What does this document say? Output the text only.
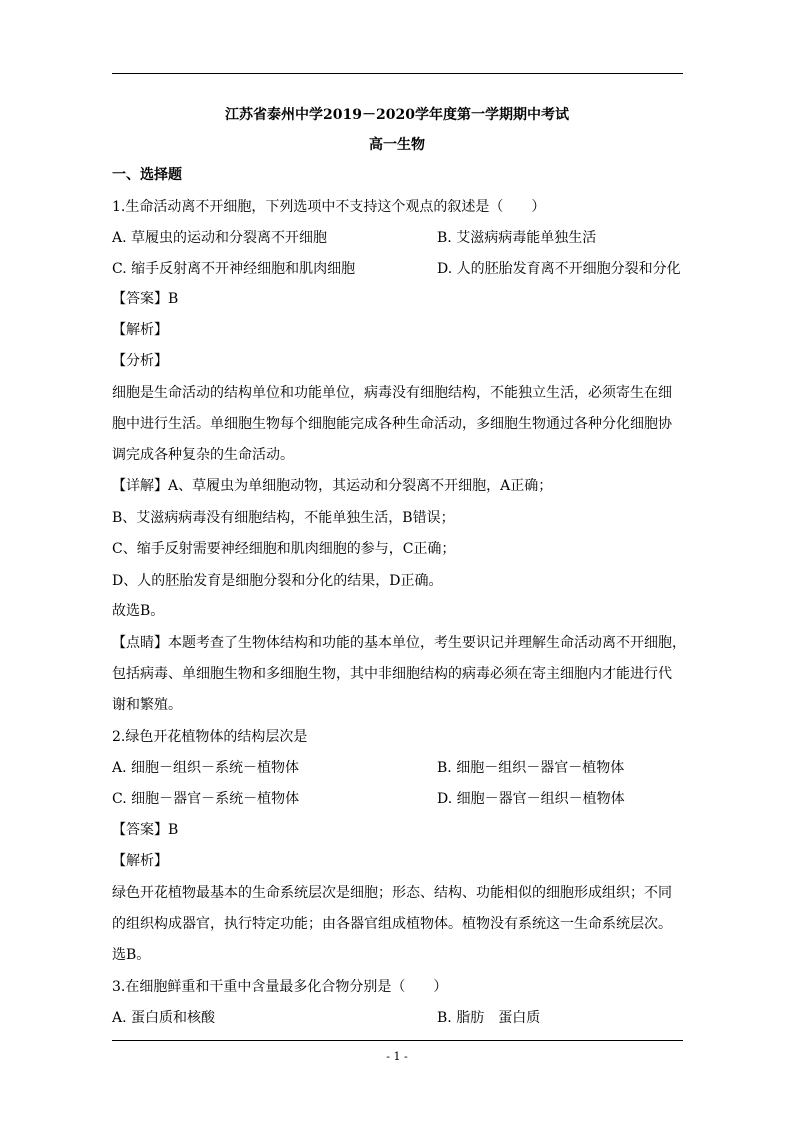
江苏省泰州中学2019－2020学年度第一学期期中考试
高一生物
一、选择题
1.生命活动离不开细胞，下列选项中不支持这个观点的叙述是（　　）
A. 草履虫的运动和分裂离不开细胞	B. 艾滋病病毒能单独生活
C. 缩手反射离不开神经细胞和肌肉细胞	D. 人的胚胎发育离不开细胞分裂和分化
【答案】B
【解析】
【分析】
细胞是生命活动的结构单位和功能单位，病毒没有细胞结构，不能独立生活，必须寄生在细
胞中进行生活。单细胞生物每个细胞能完成各种生命活动，多细胞生物通过各种分化细胞协
调完成各种复杂的生命活动。
【详解】A、草履虫为单细胞动物，其运动和分裂离不开细胞，A正确；
B、艾滋病病毒没有细胞结构，不能单独生活，B错误；
C、缩手反射需要神经细胞和肌肉细胞的参与，C正确；
D、人的胚胎发育是细胞分裂和分化的结果，D正确。
故选B。
【点睛】本题考查了生物体结构和功能的基本单位，考生要识记并理解生命活动离不开细胞，
包括病毒、单细胞生物和多细胞生物，其中非细胞结构的病毒必须在寄主细胞内才能进行代
谢和繁殖。
2.绿色开花植物体的结构层次是
A. 细胞－组织－系统－植物体	B. 细胞－组织－器官－植物体
C. 细胞－器官－系统－植物体	D. 细胞－器官－组织－植物体
【答案】B
【解析】
绿色开花植物最基本的生命系统层次是细胞；形态、结构、功能相似的细胞形成组织；不同
的组织构成器官，执行特定功能；由各器官组成植物体。植物没有系统这一生命系统层次。
选B。
3.在细胞鲜重和干重中含量最多化合物分别是（　　）
A. 蛋白质和核酸	B. 脂肪　蛋白质
- 1 -
